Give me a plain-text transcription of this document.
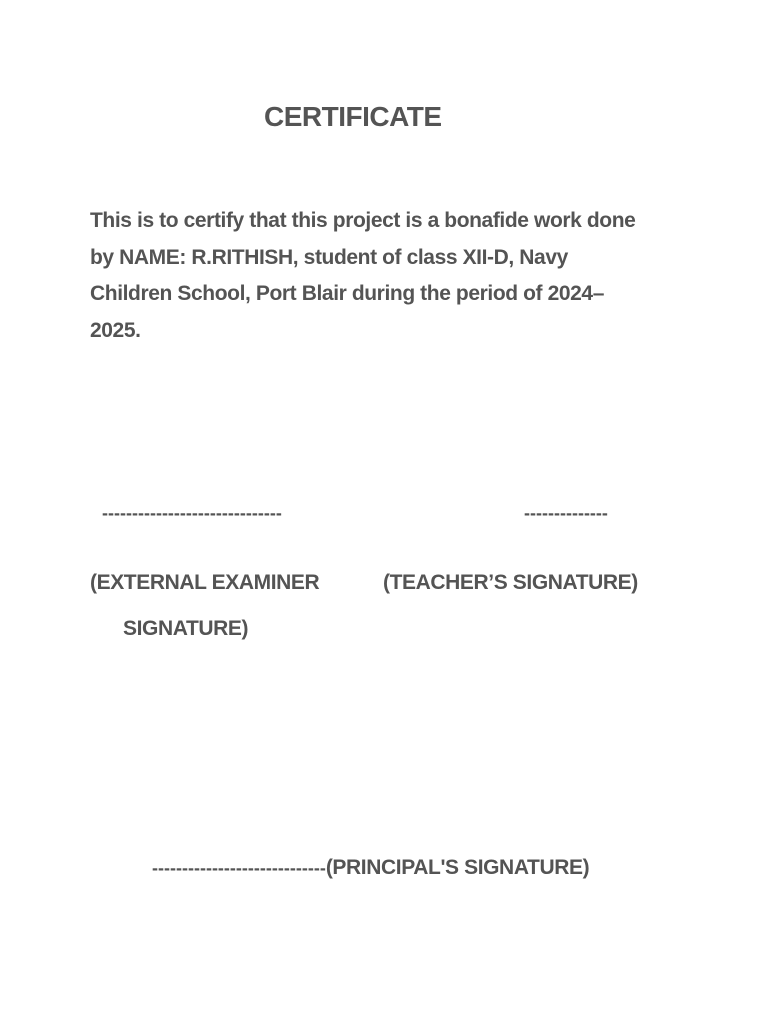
CERTIFICATE
This is to certify that this project is a bonafide work done by NAME: R.RITHISH, student of class XII-D, Navy Children School, Port Blair during the period of 2024–2025.
------------------------------	--------------
(EXTERNAL EXAMINER
SIGNATURE)
(TEACHER’S SIGNATURE)
-----------------------------(PRINCIPAL'S SIGNATURE)
